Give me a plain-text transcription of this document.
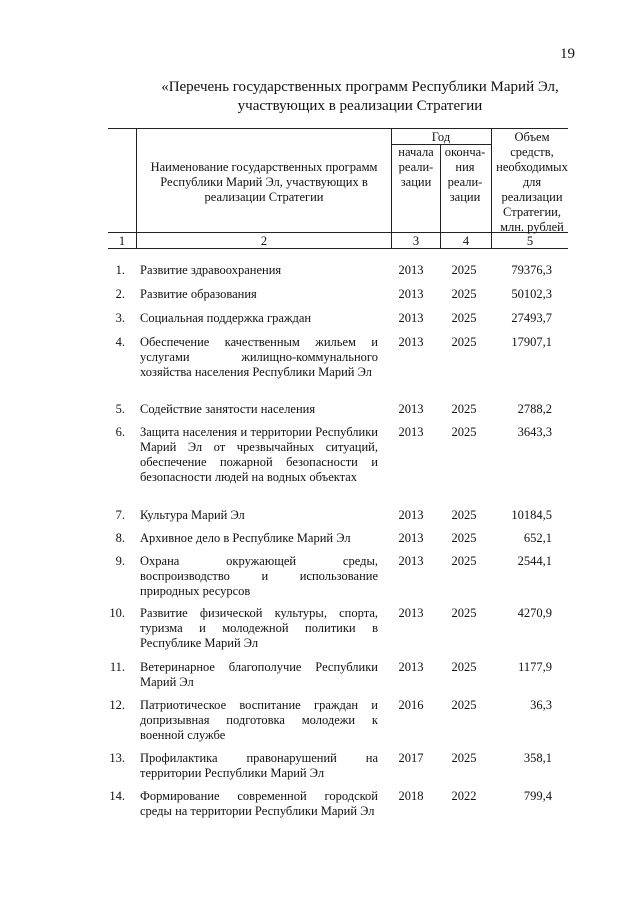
19
«Перечень государственных программ Республики Марий Эл,
участвующих в реализации Стратегии
Наименование государственных программ Республики Марий Эл, участвующих в реализации Стратегии
Год
начала реали-зации
оконча-ния реали-зации
Объем средств, необходимых для реализации Стратегии, млн. рублей
1	2	3	4	5
1. Развитие здравоохранения	2013	2025	79376,3
2. Развитие образования	2013	2025	50102,3
3. Социальная поддержка граждан	2013	2025	27493,7
4. Обеспечение качественным жильем и услугами жилищно-коммунального хозяйства населения Республики Марий Эл
2013	2025	17907,1
5. Содействие занятости населения	2013	2025	2788,2
6. Защита населения и территории Республики Марий Эл от чрезвычайных ситуаций, обеспечение пожарной безопасности и безопасности людей на водных объектах
2013	2025	3643,3
7. Культура Марий Эл	2013	2025	10184,5
8. Архивное дело в Республике Марий Эл	2013	2025	652,1
9. Охрана окружающей среды, воспроизводство и использование природных ресурсов
2013	2025	2544,1
10. Развитие физической культуры, спорта, туризма и молодежной политики в Республике Марий Эл
2013	2025	4270,9
11. Ветеринарное благополучие Республики Марий Эл
2013	2025	1177,9
12. Патриотическое воспитание граждан и допризывная подготовка молодежи к военной службе
2016	2025	36,3
13. Профилактика правонарушений на территории Республики Марий Эл
2017	2025	358,1
14. Формирование современной городской среды на территории Республики Марий Эл
2018	2022	799,4
